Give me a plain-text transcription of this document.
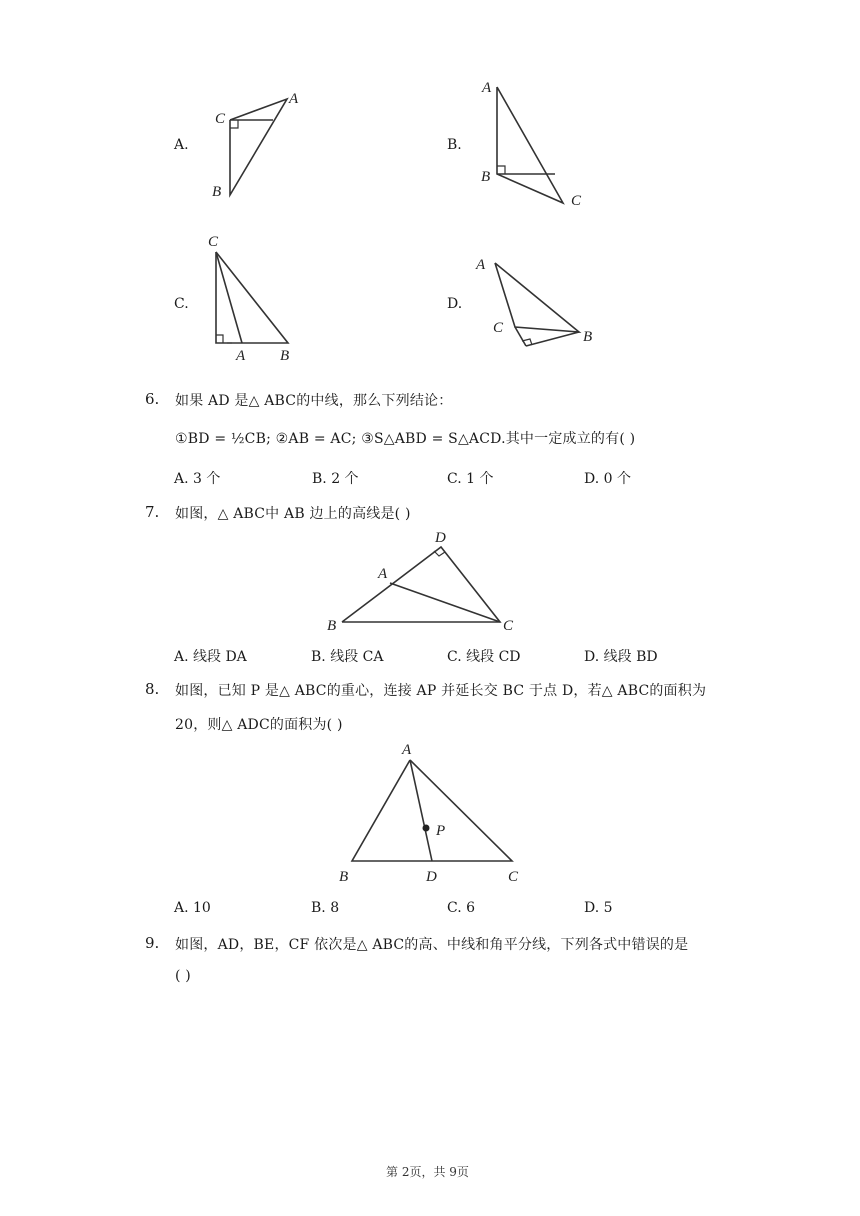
A.
A
C
B
B.
A
B
C
C.
C
A B
D.
A
C
B
6. 如果 AD 是△ ABC的中线，那么下列结论：
①BD = ½CB; ②AB = AC; ③S△ABD = S△ACD.其中一定成立的有( )
A. 3 个	B. 2 个	C. 1 个	D. 0 个
7. 如图，△ ABC中 AB 边上的高线是( )
D
A
B	C
A. 线段 DA	B. 线段 CA	C. 线段 CD	D. 线段 BD
8. 如图，已知 P 是△ ABC的重心，连接 AP 并延长交 BC 于点 D，若△ ABC的面积为
20，则△ ADC的面积为( )
A
P
B	D	C
A. 10	B. 8	C. 6	D. 5
9. 如图，AD，BE，CF 依次是△ ABC的高、中线和角平分线，下列各式中错误的是
( )
第 2页，共 9页
